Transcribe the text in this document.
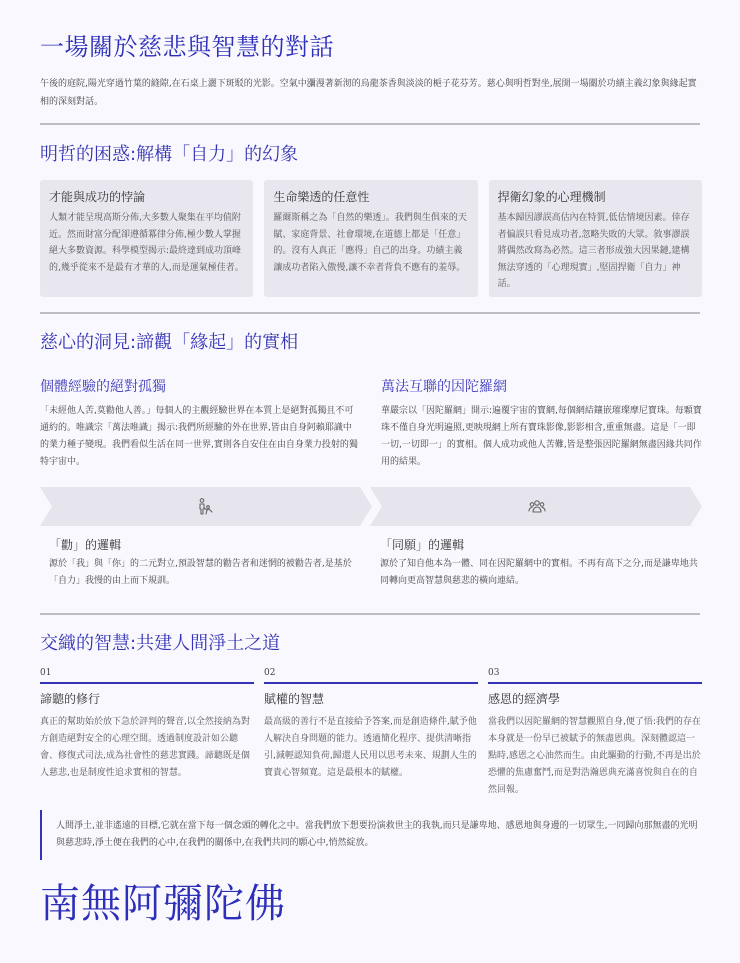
一場關於慈悲與智慧的對話

午後的庭院,陽光穿過竹葉的縫隙,在石桌上灑下斑駁的光影。空氣中瀰漫著新沏的烏龍茶香與淡淡的梔子花芬芳。慈心與明哲對坐,展開一場關於功績主義幻象與緣起實相的深刻對話。

明哲的困惑:解構「自力」的幻象
才能與成功的悖論

人類才能呈現高斯分佈,大多數人聚集在平均值附近。然而財富分配卻遵循冪律分佈,極少數人掌握絕大多數資源。科學模型揭示:最終達到成功頂峰的,幾乎從來不是最有才華的人,而是運氣極佳者。

生命樂透的任意性

羅爾斯稱之為「自然的樂透」。我們與生俱來的天賦、家庭背景、社會環境,在道德上都是「任意」的。沒有人真正「應得」自己的出身。功績主義讓成功者陷入傲慢,讓不幸者背負不應有的羞辱。

捍衛幻象的心理機制

基本歸因謬誤高估內在特質,低估情境因素。倖存者偏誤只看見成功者,忽略失敗的大眾。敘事謬誤將偶然改寫為必然。這三者形成強大因果鏈,建構無法穿透的「心理現實」,堅固捍衛「自力」神話。

慈心的洞見:諦觀「緣起」的實相
個體經驗的絕對孤獨

「未經他人苦,莫勸他人善。」每個人的主觀經驗世界在本質上是絕對孤獨且不可通約的。唯識宗「萬法唯識」揭示:我們所經驗的外在世界,皆由自身阿賴耶識中的業力種子變現。我們看似生活在同一世界,實則各自安住在由自身業力投射的獨特宇宙中。

萬法互聯的因陀羅網

華嚴宗以「因陀羅網」開示:遍覆宇宙的寶網,每個網結鑲嵌璀璨摩尼寶珠。每顆寶珠不僅自身光明遍照,更映現網上所有寶珠影像,影影相含,重重無盡。這是「一即一切,一切即一」的實相。個人成功或他人苦難,皆是整張因陀羅網無盡因緣共同作用的結果。

「勸」的邏輯

源於「我」與「你」的二元對立,預設智慧的勸告者和迷惘的被勸告者,是基於「自力」我慢的由上而下規訓。

「同願」的邏輯

源於了知自他本為一體、同在因陀羅網中的實相。不再有高下之分,而是謙卑地共同轉向更高智慧與慈悲的橫向連結。

交織的智慧:共建人間淨土之道
01
諦聽的修行

真正的幫助始於放下急於評判的聲音,以全然接納為對方創造絕對安全的心理空間。透過制度設計如公聽會、修復式司法,成為社會性的慈悲實踐。諦聽既是個人慈悲,也是制度性追求實相的智慧。

02
賦權的智慧

最高級的善行不是直接給予答案,而是創造條件,賦予他人解決自身問題的能力。透過簡化程序、提供清晰指引,減輕認知負荷,歸還人民用以思考未來、規劃人生的寶貴心智頻寬。這是最根本的賦權。

03
感恩的經濟學

當我們以因陀羅網的智慧觀照自身,便了悟:我們的存在本身就是一份早已被賦予的無盡恩典。深刻體認這一點時,感恩之心油然而生。由此驅動的行動,不再是出於恐懼的焦慮奮鬥,而是對浩瀚恩典充滿喜悅與自在的自然回報。

人間淨土,並非遙遠的目標,它就在當下每一個念頭的轉化之中。當我們放下想要扮演救世主的我執,而只是謙卑地、感恩地與身邊的一切眾生,一同歸向那無盡的光明與慈悲時,淨土便在我們的心中,在我們的關係中,在我們共同的願心中,悄然綻放。
南無阿彌陀佛
